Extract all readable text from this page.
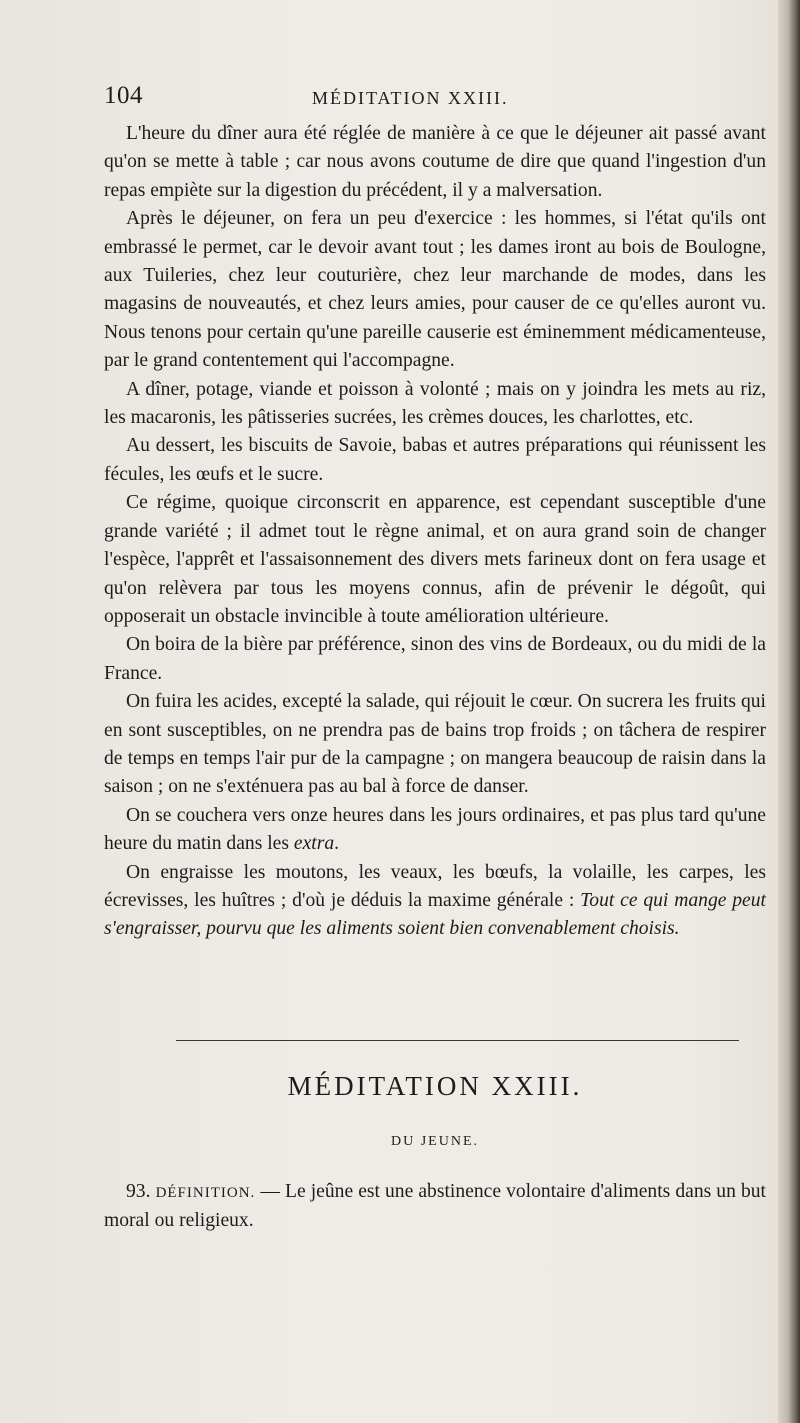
104	MÉDITATION XXIII.

L'heure du dîner aura été réglée de manière à ce que le déjeuner ait passé avant qu'on se mette à table ; car nous avons coutume de dire que quand l'ingestion d'un repas empiète sur la digestion du précédent, il y a malversation.

Après le déjeuner, on fera un peu d'exercice : les hommes, si l'état qu'ils ont embrassé le permet, car le devoir avant tout ; les dames iront au bois de Boulogne, aux Tuileries, chez leur couturière, chez leur marchande de modes, dans les magasins de nouveautés, et chez leurs amies, pour causer de ce qu'elles auront vu. Nous tenons pour certain qu'une pareille causerie est éminemment médicamenteuse, par le grand contentement qui l'accompagne.

A dîner, potage, viande et poisson à volonté ; mais on y joindra les mets au riz, les macaronis, les pâtisseries sucrées, les crèmes douces, les charlottes, etc.

Au dessert, les biscuits de Savoie, babas et autres préparations qui réunissent les fécules, les œufs et le sucre.

Ce régime, quoique circonscrit en apparence, est cependant susceptible d'une grande variété ; il admet tout le règne animal, et on aura grand soin de changer l'espèce, l'apprêt et l'assaisonnement des divers mets farineux dont on fera usage et qu'on relèvera par tous les moyens connus, afin de prévenir le dégoût, qui opposerait un obstacle invincible à toute amélioration ultérieure.

On boira de la bière par préférence, sinon des vins de Bordeaux, ou du midi de la France.

On fuira les acides, excepté la salade, qui réjouit le cœur. On sucrera les fruits qui en sont susceptibles, on ne prendra pas de bains trop froids ; on tâchera de respirer de temps en temps l'air pur de la campagne ; on mangera beaucoup de raisin dans la saison ; on ne s'exténuera pas au bal à force de danser.

On se couchera vers onze heures dans les jours ordinaires, et pas plus tard qu'une heure du matin dans les extra.

On engraisse les moutons, les veaux, les bœufs, la volaille, les carpes, les écrevisses, les huîtres ; d'où je déduis la maxime générale : Tout ce qui mange peut s'engraisser, pourvu que les aliments soient bien convenablement choisis.

MÉDITATION XXIII.
DU JEUNE.

93. DÉFINITION. — Le jeûne est une abstinence volontaire d'aliments dans un but moral ou religieux.
